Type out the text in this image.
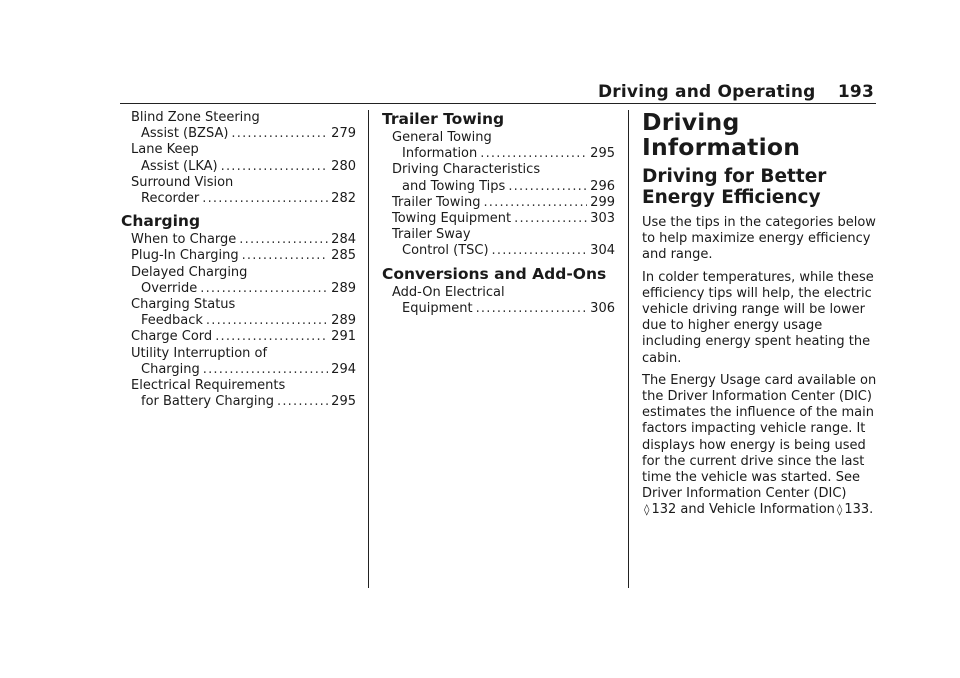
Driving and Operating 193
Blind Zone Steering
Assist (BZSA) .....	279
Lane Keep
Assist (LKA) .....	280
Surround Vision
Recorder .....	282
Charging
When to Charge .....	284
Plug-In Charging .....	285
Delayed Charging
Override .....	289
Charging Status
Feedback .....	289
Charge Cord .....	291
Utility Interruption of
Charging .....	294
Electrical Requirements
for Battery Charging .....	295
Trailer Towing
General Towing
Information .....	295
Driving Characteristics
and Towing Tips .....	296
Trailer Towing .....	299
Towing Equipment .....	303
Trailer Sway
Control (TSC) .....	304
Conversions and Add-Ons
Add-On Electrical
Equipment .....	306
Driving
Information
Driving for Better
Energy Efficiency

Use the tips in the categories below to help maximize energy efficiency and range.

In colder temperatures, while these efficiency tips will help, the electric vehicle driving range will be lower due to higher energy usage including energy spent heating the cabin.

The Energy Usage card available on the Driver Information Center (DIC) estimates the influence of the main factors impacting vehicle range. It displays how energy is being used for the current drive since the last time the vehicle was started. See Driver Information Center (DIC) ◊ 132 and Vehicle Information ◊ 133.
